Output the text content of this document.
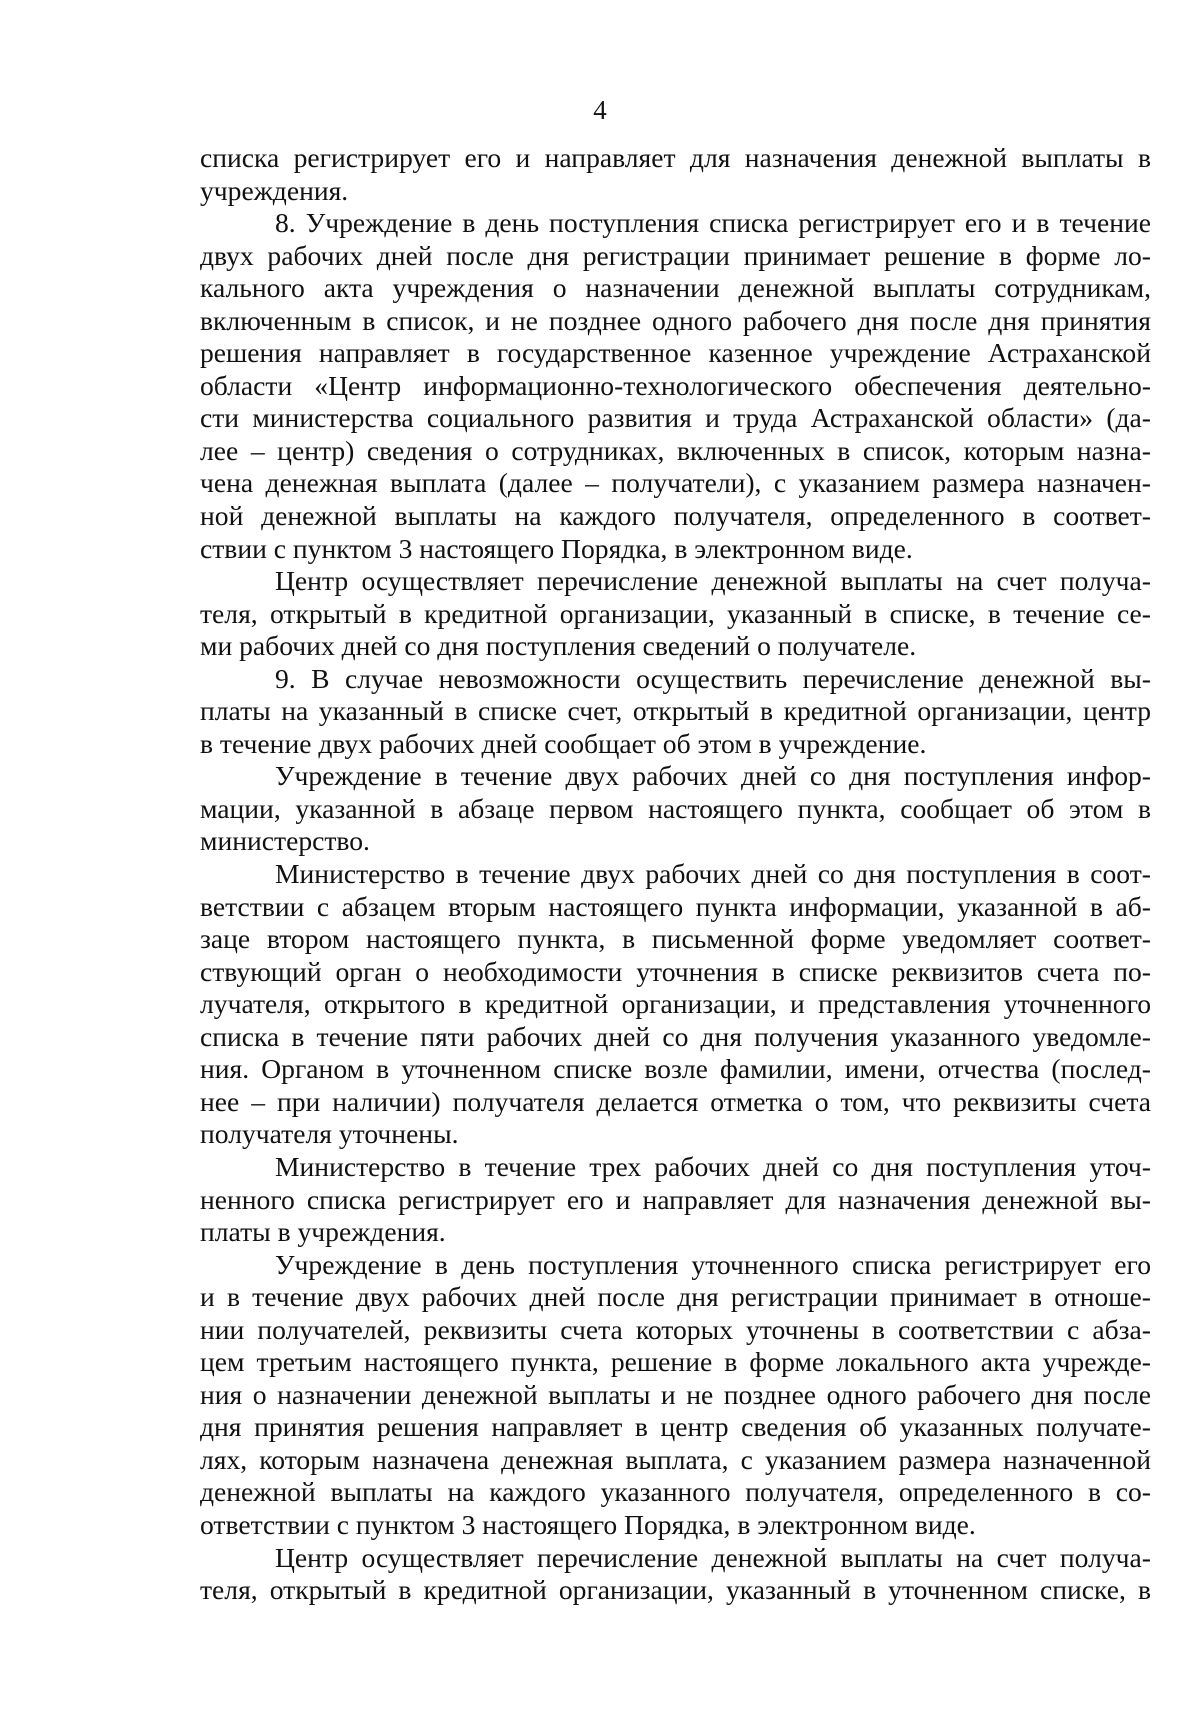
4
списка регистрирует его и направляет для назначения денежной выплаты в
учреждения.
8. Учреждение в день поступления списка регистрирует его и в течение
двух рабочих дней после дня регистрации принимает решение в форме ло-
кального акта учреждения о назначении денежной выплаты сотрудникам,
включенным в список, и не позднее одного рабочего дня после дня принятия
решения направляет в государственное казенное учреждение Астраханской
области «Центр информационно-технологического обеспечения деятельно-
сти министерства социального развития и труда Астраханской области» (да-
лее – центр) сведения о сотрудниках, включенных в список, которым назна-
чена денежная выплата (далее – получатели), с указанием размера назначен-
ной денежной выплаты на каждого получателя, определенного в соответ-
ствии с пунктом 3 настоящего Порядка, в электронном виде.
Центр осуществляет перечисление денежной выплаты на счет получа-
теля, открытый в кредитной организации, указанный в списке, в течение се-
ми рабочих дней со дня поступления сведений о получателе.
9. В случае невозможности осуществить перечисление денежной вы-
платы на указанный в списке счет, открытый в кредитной организации, центр
в течение двух рабочих дней сообщает об этом в учреждение.
Учреждение в течение двух рабочих дней со дня поступления инфор-
мации, указанной в абзаце первом настоящего пункта, сообщает об этом в
министерство.
Министерство в течение двух рабочих дней со дня поступления в соот-
ветствии с абзацем вторым настоящего пункта информации, указанной в аб-
заце втором настоящего пункта, в письменной форме уведомляет соответ-
ствующий орган о необходимости уточнения в списке реквизитов счета по-
лучателя, открытого в кредитной организации, и представления уточненного
списка в течение пяти рабочих дней со дня получения указанного уведомле-
ния. Органом в уточненном списке возле фамилии, имени, отчества (послед-
нее – при наличии) получателя делается отметка о том, что реквизиты счета
получателя уточнены.
Министерство в течение трех рабочих дней со дня поступления уточ-
ненного списка регистрирует его и направляет для назначения денежной вы-
платы в учреждения.
Учреждение в день поступления уточненного списка регистрирует его
и в течение двух рабочих дней после дня регистрации принимает в отноше-
нии получателей, реквизиты счета которых уточнены в соответствии с абза-
цем третьим настоящего пункта, решение в форме локального акта учрежде-
ния о назначении денежной выплаты и не позднее одного рабочего дня после
дня принятия решения направляет в центр сведения об указанных получате-
лях, которым назначена денежная выплата, с указанием размера назначенной
денежной выплаты на каждого указанного получателя, определенного в со-
ответствии с пунктом 3 настоящего Порядка, в электронном виде.
Центр осуществляет перечисление денежной выплаты на счет получа-
теля, открытый в кредитной организации, указанный в уточненном списке, в
